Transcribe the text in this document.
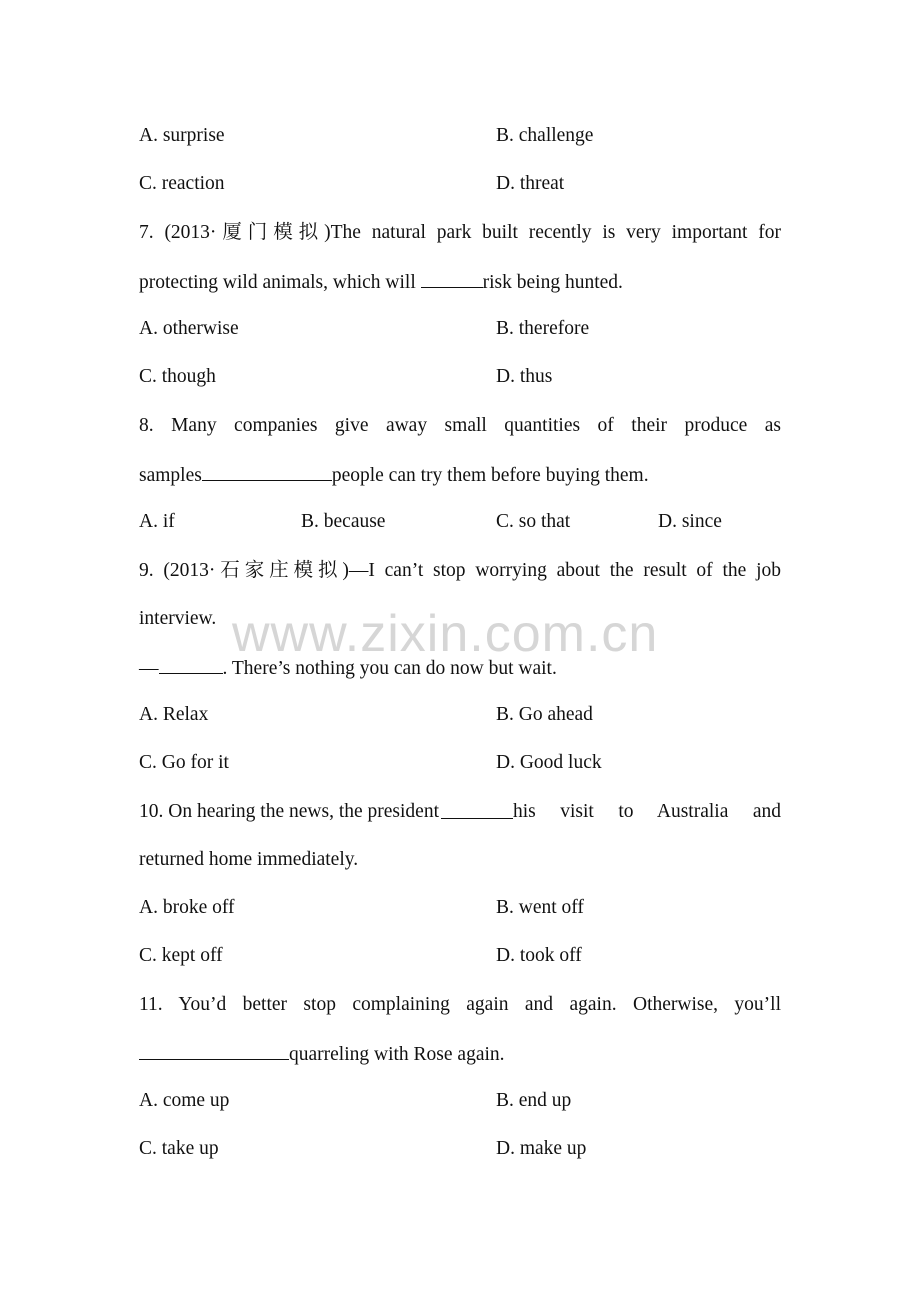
www.zixin.com.cn
A. surprise	B. challenge
C. reaction	D. threat
7. (2013·厦门模拟)The natural park built recently is very important for
protecting wild animals, which will	risk being hunted.
A. otherwise	B. therefore
C. though	D. thus
8. Many companies give away small quantities of their produce as
samples	people can try them before buying them.
A. if	B. because	C. so that	D. since
9. (2013·石家庄模拟)—I can’t stop worrying about the result of the job
interview.
—	. There’s nothing you can do now but wait.
A. Relax	B. Go ahead
C. Go for it	D. Good luck
10. On hearing the news, the president	his visit to Australia and
returned home immediately.
A. broke off	B. went off
C. kept off	D. took off
11. You’d better stop complaining again and again. Otherwise, you’ll
quarreling with Rose again.
A. come up	B. end up
C. take up	D. make up
